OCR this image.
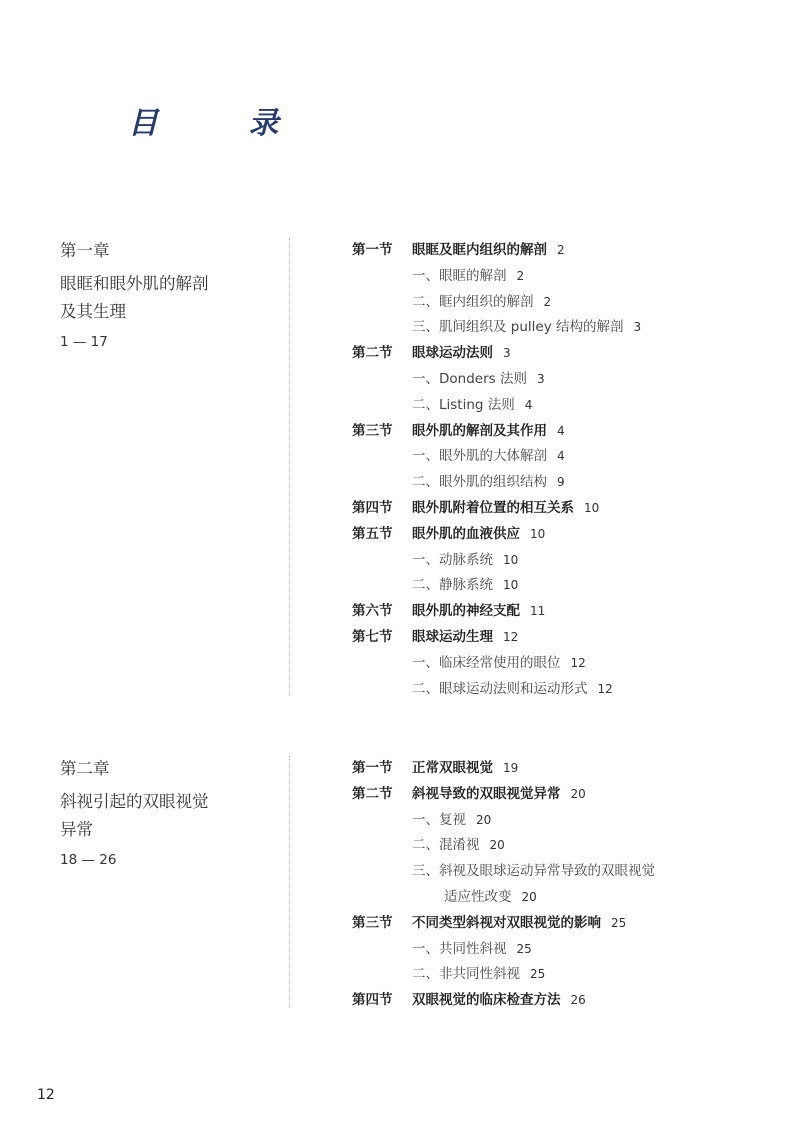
目 录
第一章
眼眶和眼外肌的解剖
及其生理
1 — 17
第一节 眼眶及眶内组织的解剖 2
一、眼眶的解剖 2
二、眶内组织的解剖 2
三、肌间组织及 pulley 结构的解剖 3
第二节 眼球运动法则 3
一、Donders 法则 3
二、Listing 法则 4
第三节 眼外肌的解剖及其作用 4
一、眼外肌的大体解剖 4
二、眼外肌的组织结构 9
第四节 眼外肌附着位置的相互关系 10
第五节 眼外肌的血液供应 10
一、动脉系统 10
二、静脉系统 10
第六节 眼外肌的神经支配 11
第七节 眼球运动生理 12
一、临床经常使用的眼位 12
二、眼球运动法则和运动形式 12
第二章
斜视引起的双眼视觉
异常
18 — 26
第一节 正常双眼视觉 19
第二节 斜视导致的双眼视觉异常 20
一、复视 20
二、混淆视 20
三、斜视及眼球运动异常导致的双眼视觉
适应性改变 20
第三节 不同类型斜视对双眼视觉的影响 25
一、共同性斜视 25
二、非共同性斜视 25
第四节 双眼视觉的临床检查方法 26
12
